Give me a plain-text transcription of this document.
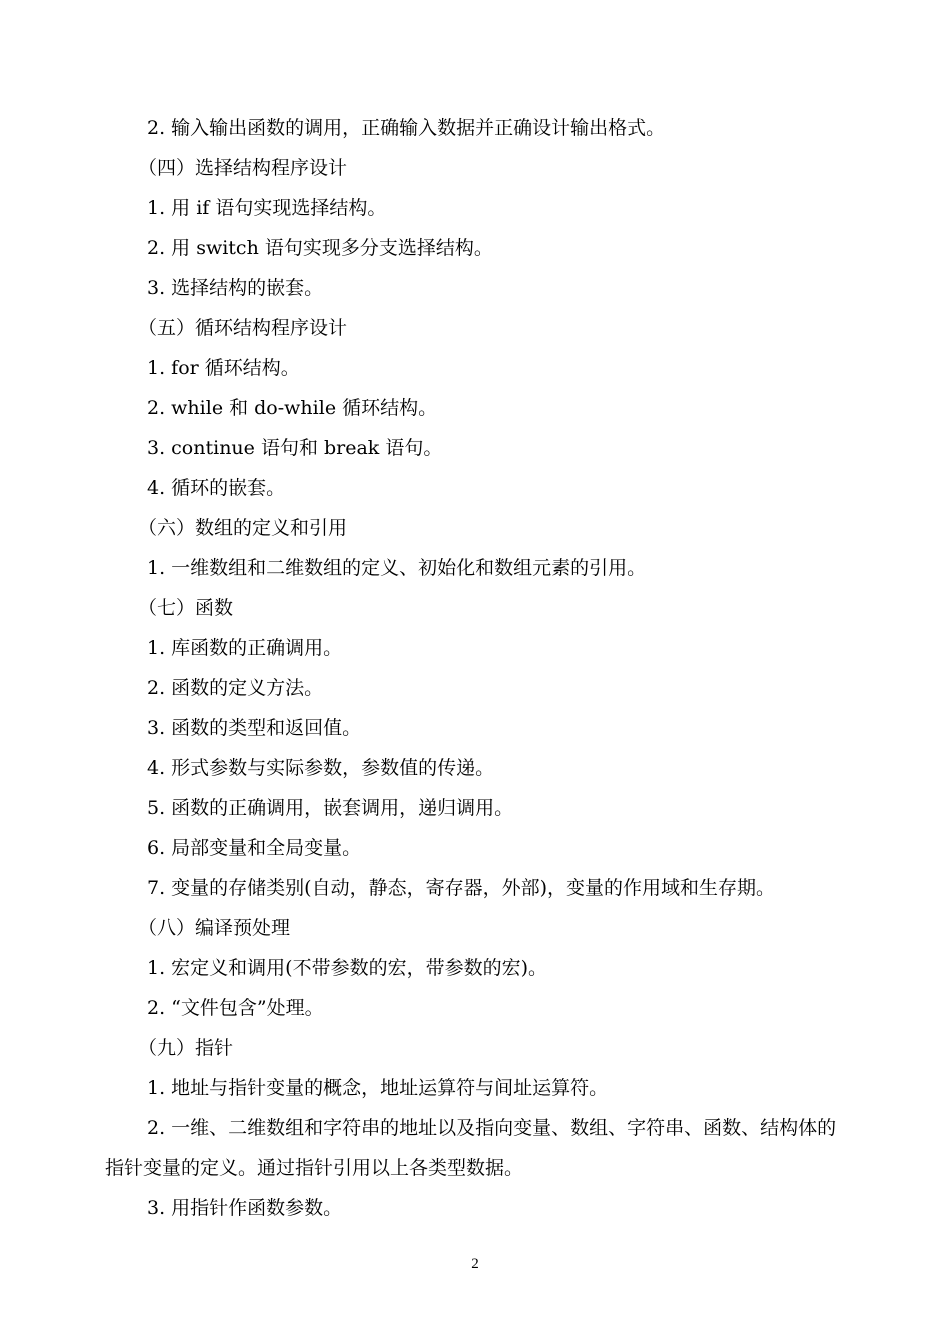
2. 输入输出函数的调用，正确输入数据并正确设计输出格式。
（四）选择结构程序设计
1. 用 if 语句实现选择结构。
2. 用 switch 语句实现多分支选择结构。
3. 选择结构的嵌套。
（五）循环结构程序设计
1. for 循环结构。
2. while 和 do-while 循环结构。
3. continue 语句和 break 语句。
4. 循环的嵌套。
（六）数组的定义和引用
1. 一维数组和二维数组的定义、初始化和数组元素的引用。
（七）函数
1. 库函数的正确调用。
2. 函数的定义方法。
3. 函数的类型和返回值。
4. 形式参数与实际参数，参数值的传递。
5. 函数的正确调用，嵌套调用，递归调用。
6. 局部变量和全局变量。
7. 变量的存储类别(自动，静态，寄存器，外部)，变量的作用域和生存期。
（八）编译预处理
1. 宏定义和调用(不带参数的宏，带参数的宏)。
2. “文件包含”处理。
（九）指针
1. 地址与指针变量的概念，地址运算符与间址运算符。
2. 一维、二维数组和字符串的地址以及指向变量、数组、字符串、函数、结构体的指针变量的定义。通过指针引用以上各类型数据。
3. 用指针作函数参数。
2
